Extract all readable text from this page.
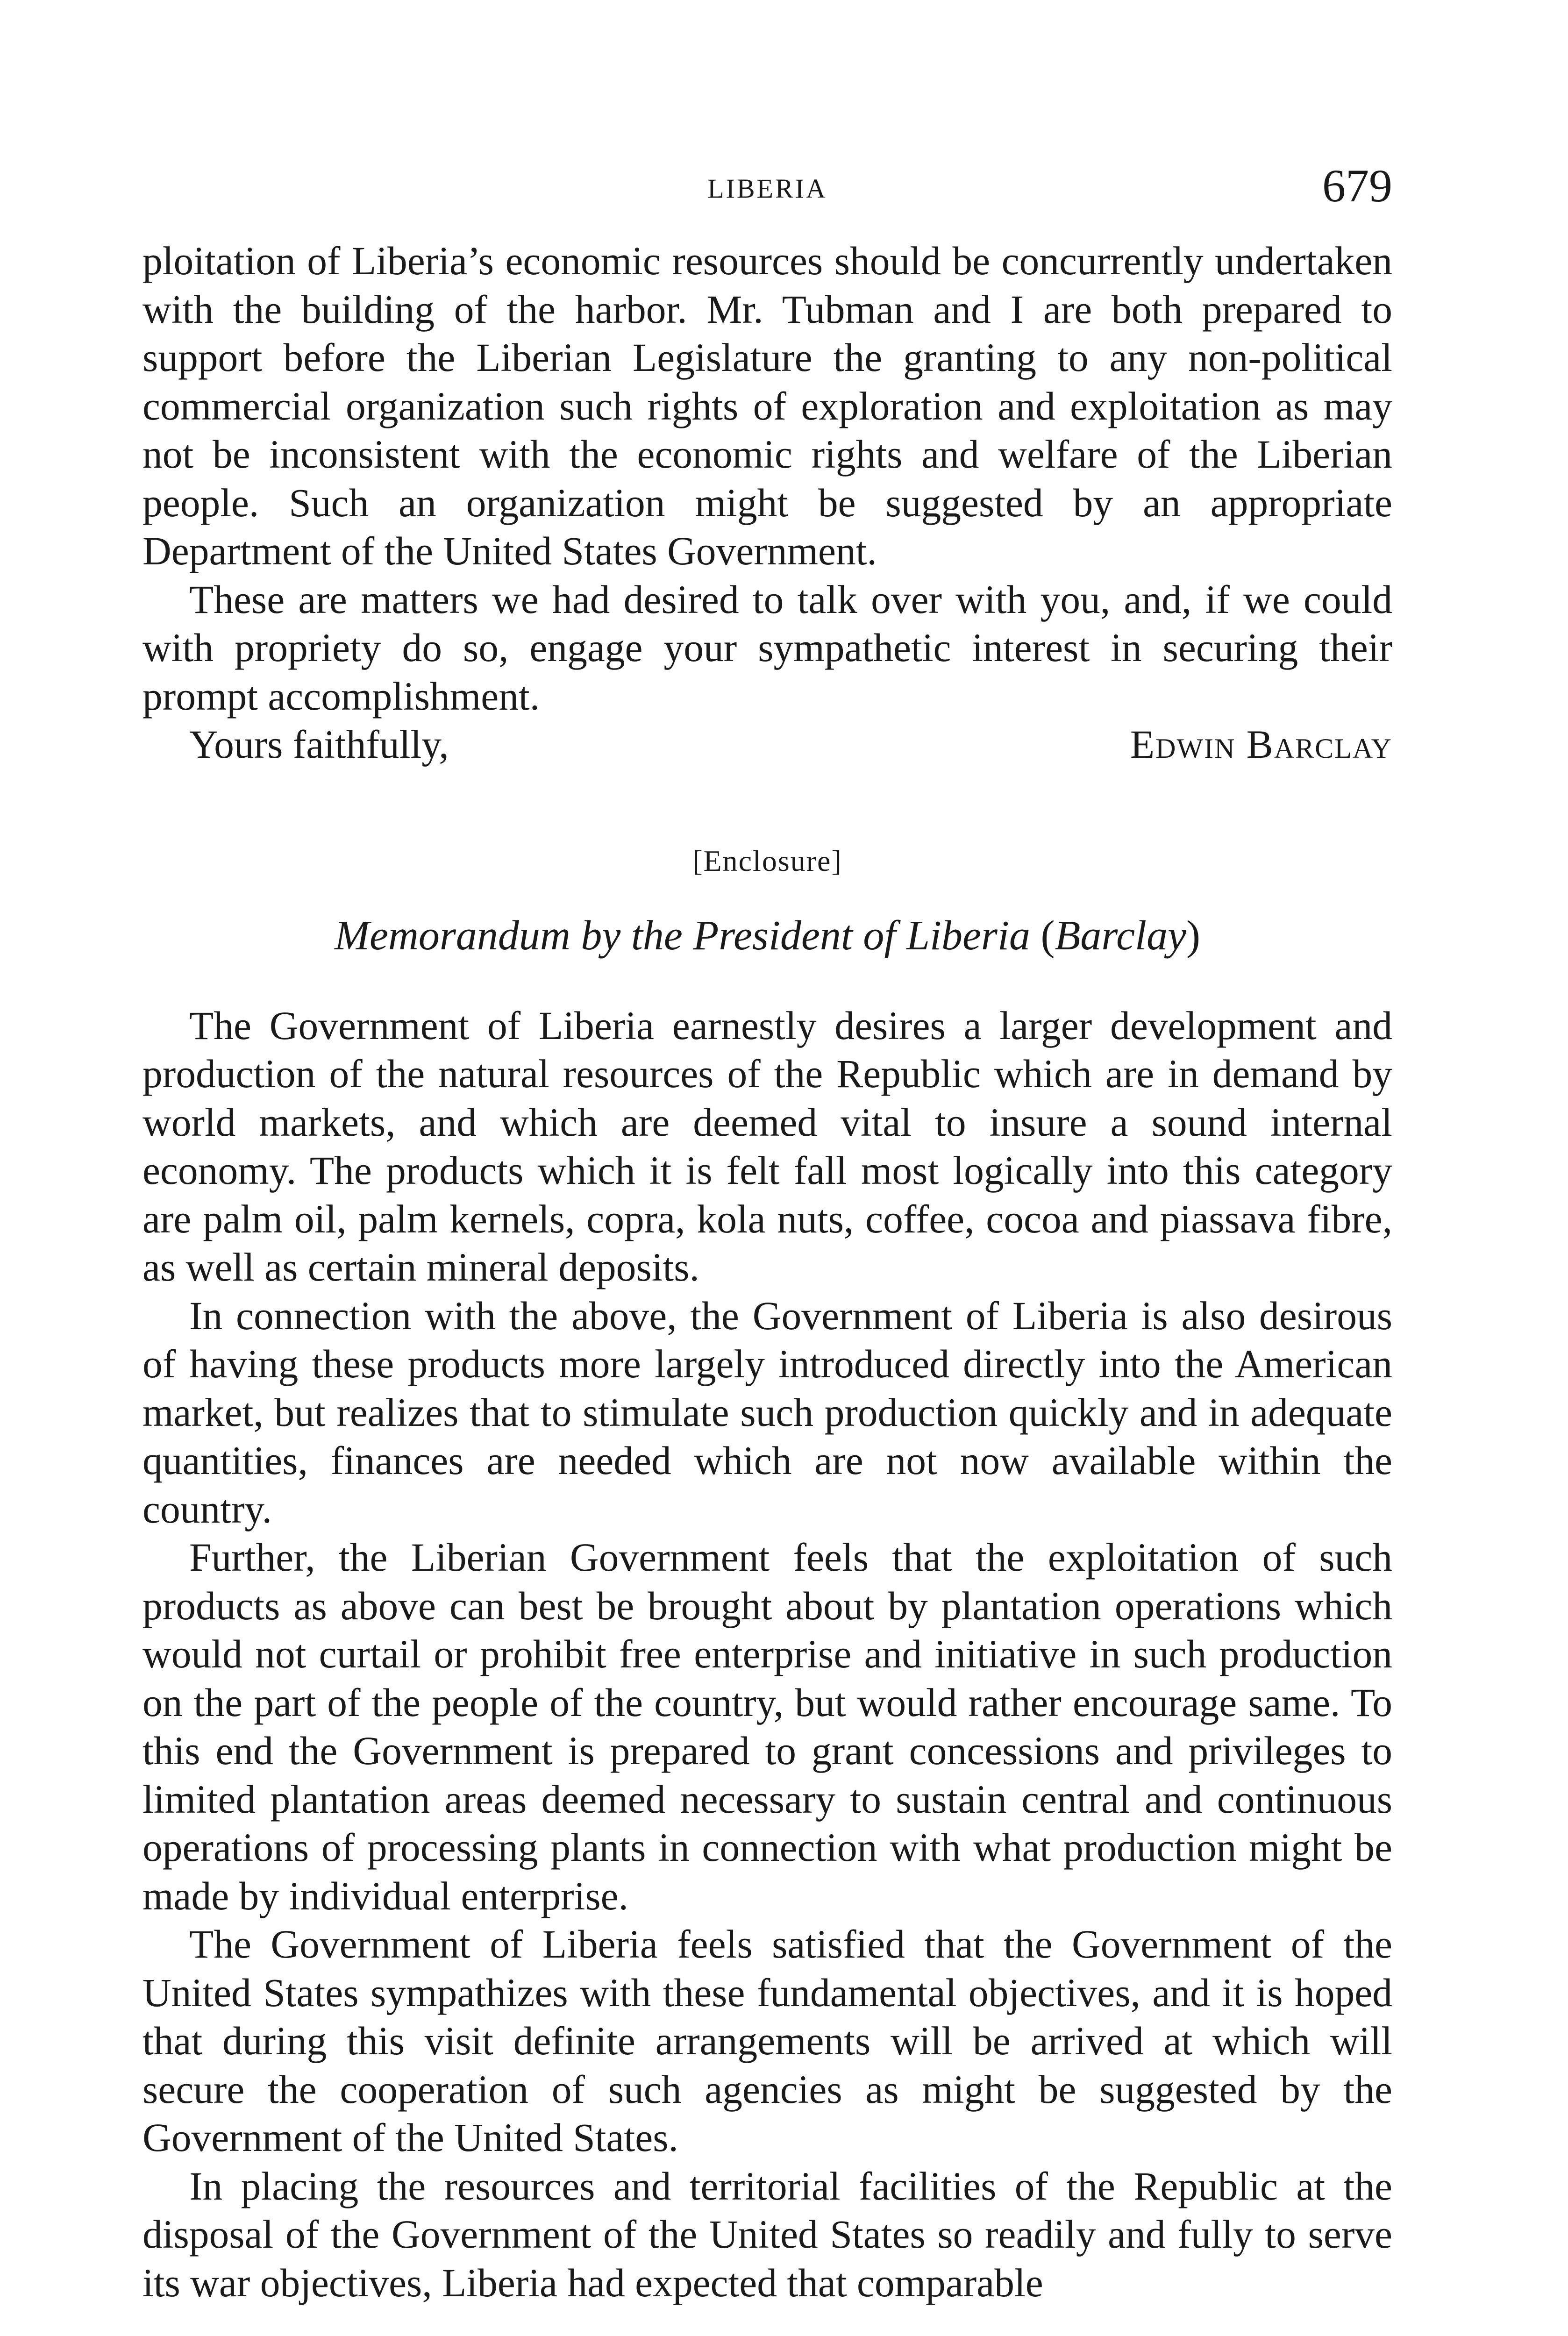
LIBERIA	679

ploitation of Liberia’s economic resources should be concurrently undertaken with the building of the harbor. Mr. Tubman and I are both prepared to support before the Liberian Legislature the granting to any non-political commercial organization such rights of exploration and exploitation as may not be inconsistent with the economic rights and welfare of the Liberian people. Such an organization might be suggested by an appropriate Department of the United States Government.

These are matters we had desired to talk over with you, and, if we could with propriety do so, engage your sympathetic interest in securing their prompt accomplishment.

Yours faithfully,	Edwin Barclay
[Enclosure]
Memorandum by the President of Liberia (Barclay)

The Government of Liberia earnestly desires a larger development and production of the natural resources of the Republic which are in demand by world markets, and which are deemed vital to insure a sound internal economy. The products which it is felt fall most logically into this category are palm oil, palm kernels, copra, kola nuts, coffee, cocoa and piassava fibre, as well as certain mineral deposits.

In connection with the above, the Government of Liberia is also desirous of having these products more largely introduced directly into the American market, but realizes that to stimulate such production quickly and in adequate quantities, finances are needed which are not now available within the country.

Further, the Liberian Government feels that the exploitation of such products as above can best be brought about by plantation operations which would not curtail or prohibit free enterprise and initiative in such production on the part of the people of the country, but would rather encourage same. To this end the Government is prepared to grant concessions and privileges to limited plantation areas deemed necessary to sustain central and continuous operations of processing plants in connection with what production might be made by individual enterprise.

The Government of Liberia feels satisfied that the Government of the United States sympathizes with these fundamental objectives, and it is hoped that during this visit definite arrangements will be arrived at which will secure the cooperation of such agencies as might be suggested by the Government of the United States.

In placing the resources and territorial facilities of the Republic at the disposal of the Government of the United States so readily and fully to serve its war objectives, Liberia had expected that comparable
